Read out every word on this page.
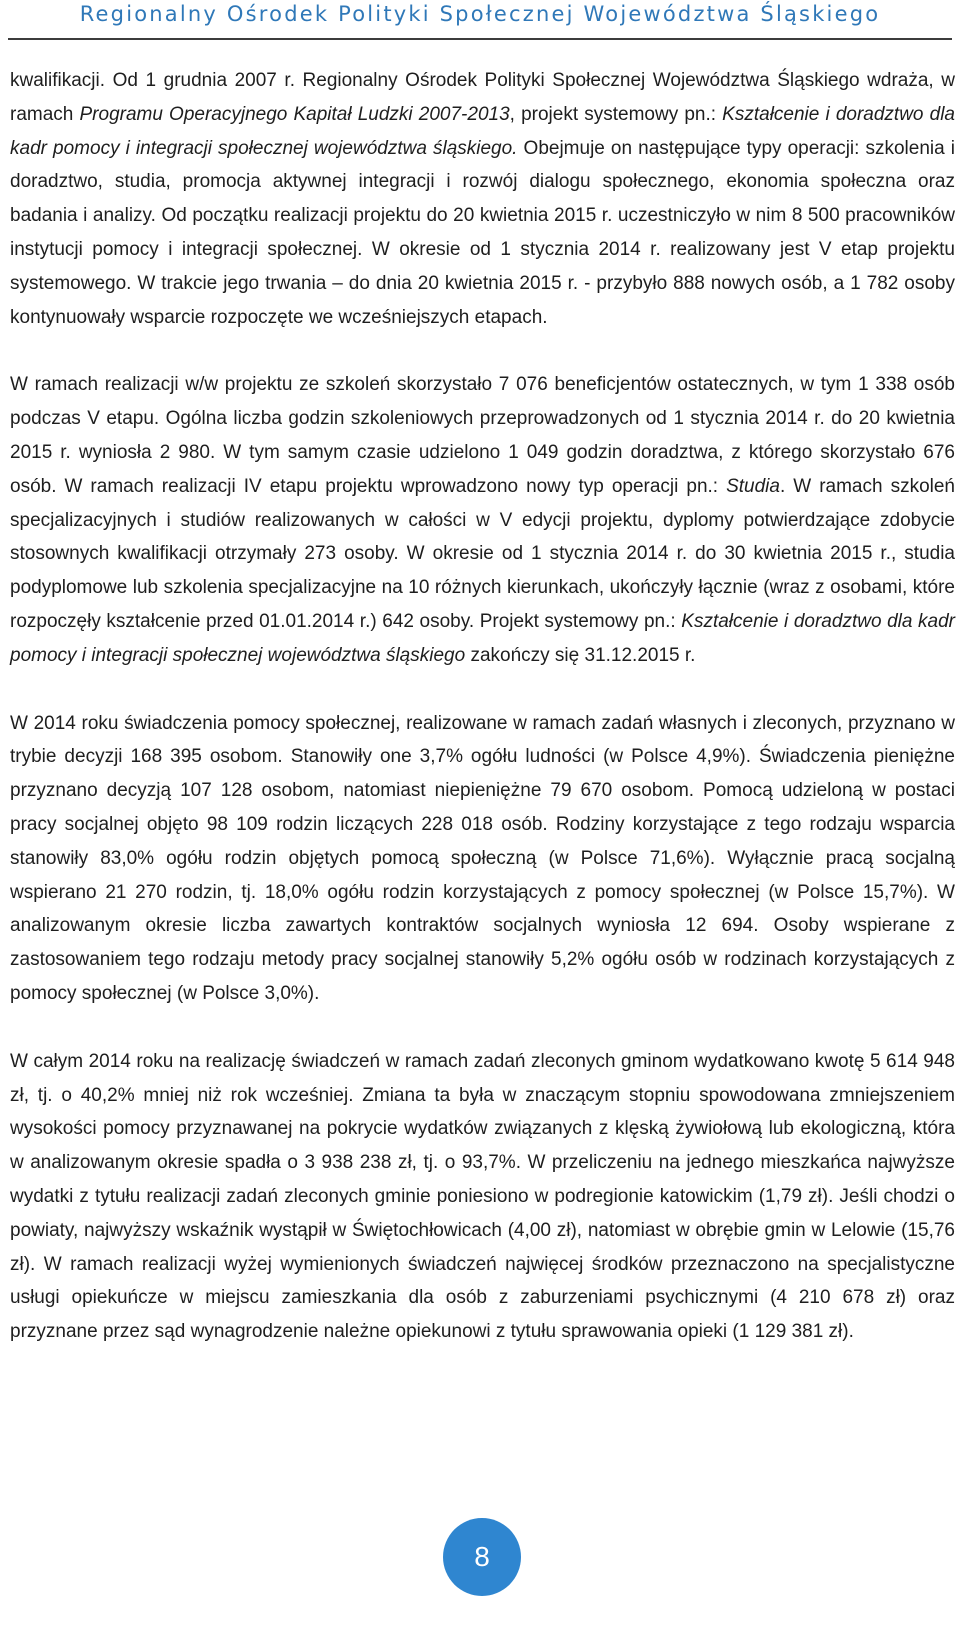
Regionalny Ośrodek Polityki Społecznej Województwa Śląskiego

kwalifikacji. Od 1 grudnia 2007 r. Regionalny Ośrodek Polityki Społecznej Województwa Śląskiego wdraża, w ramach Programu Operacyjnego Kapitał Ludzki 2007-2013, projekt systemowy pn.: Kształcenie i doradztwo dla kadr pomocy i integracji społecznej województwa śląskiego. Obejmuje on następujące typy operacji: szkolenia i doradztwo, studia, promocja aktywnej integracji i rozwój dialogu społecznego, ekonomia społeczna oraz badania i analizy. Od początku realizacji projektu do 20 kwietnia 2015 r. uczestniczyło w nim 8 500 pracowników instytucji pomocy i integracji społecznej. W okresie od 1 stycznia 2014 r. realizowany jest V etap projektu systemowego. W trakcie jego trwania – do dnia 20 kwietnia 2015 r. - przybyło 888 nowych osób, a 1 782 osoby kontynuowały wsparcie rozpoczęte we wcześniejszych etapach.

W ramach realizacji w/w projektu ze szkoleń skorzystało 7 076 beneficjentów ostatecznych, w tym 1 338 osób podczas V etapu. Ogólna liczba godzin szkoleniowych przeprowadzonych od 1 stycznia 2014 r. do 20 kwietnia 2015 r. wyniosła 2 980. W tym samym czasie udzielono 1 049 godzin doradztwa, z którego skorzystało 676 osób. W ramach realizacji IV etapu projektu wprowadzono nowy typ operacji pn.: Studia. W ramach szkoleń specjalizacyjnych i studiów realizowanych w całości w V edycji projektu, dyplomy potwierdzające zdobycie stosownych kwalifikacji otrzymały 273 osoby. W okresie od 1 stycznia 2014 r. do 30 kwietnia 2015 r., studia podyplomowe lub szkolenia specjalizacyjne na 10 różnych kierunkach, ukończyły łącznie (wraz z osobami, które rozpoczęły kształcenie przed 01.01.2014 r.) 642 osoby. Projekt systemowy pn.: Kształcenie i doradztwo dla kadr pomocy i integracji społecznej województwa śląskiego zakończy się 31.12.2015 r.

W 2014 roku świadczenia pomocy społecznej, realizowane w ramach zadań własnych i zleconych, przyznano w trybie decyzji 168 395 osobom. Stanowiły one 3,7% ogółu ludności (w Polsce 4,9%). Świadczenia pieniężne przyznano decyzją 107 128 osobom, natomiast niepieniężne 79 670 osobom. Pomocą udzieloną w postaci pracy socjalnej objęto 98 109 rodzin liczących 228 018 osób. Rodziny korzystające z tego rodzaju wsparcia stanowiły 83,0% ogółu rodzin objętych pomocą społeczną (w Polsce 71,6%). Wyłącznie pracą socjalną wspierano 21 270 rodzin, tj. 18,0% ogółu rodzin korzystających z pomocy społecznej (w Polsce 15,7%). W analizowanym okresie liczba zawartych kontraktów socjalnych wyniosła 12 694. Osoby wspierane z zastosowaniem tego rodzaju metody pracy socjalnej stanowiły 5,2% ogółu osób w rodzinach korzystających z pomocy społecznej (w Polsce 3,0%).

W całym 2014 roku na realizację świadczeń w ramach zadań zleconych gminom wydatkowano kwotę 5 614 948 zł, tj. o 40,2% mniej niż rok wcześniej. Zmiana ta była w znaczącym stopniu spowodowana zmniejszeniem wysokości pomocy przyznawanej na pokrycie wydatków związanych z klęską żywiołową lub ekologiczną, która w analizowanym okresie spadła o 3 938 238 zł, tj. o 93,7%. W przeliczeniu na jednego mieszkańca najwyższe wydatki z tytułu realizacji zadań zleconych gminie poniesiono w podregionie katowickim (1,79 zł). Jeśli chodzi o powiaty, najwyższy wskaźnik wystąpił w Świętochłowicach (4,00 zł), natomiast w obrębie gmin w Lelowie (15,76 zł). W ramach realizacji wyżej wymienionych świadczeń najwięcej środków przeznaczono na specjalistyczne usługi opiekuńcze w miejscu zamieszkania dla osób z zaburzeniami psychicznymi (4 210 678 zł) oraz przyznane przez sąd wynagrodzenie należne opiekunowi z tytułu sprawowania opieki (1 129 381 zł).

8
